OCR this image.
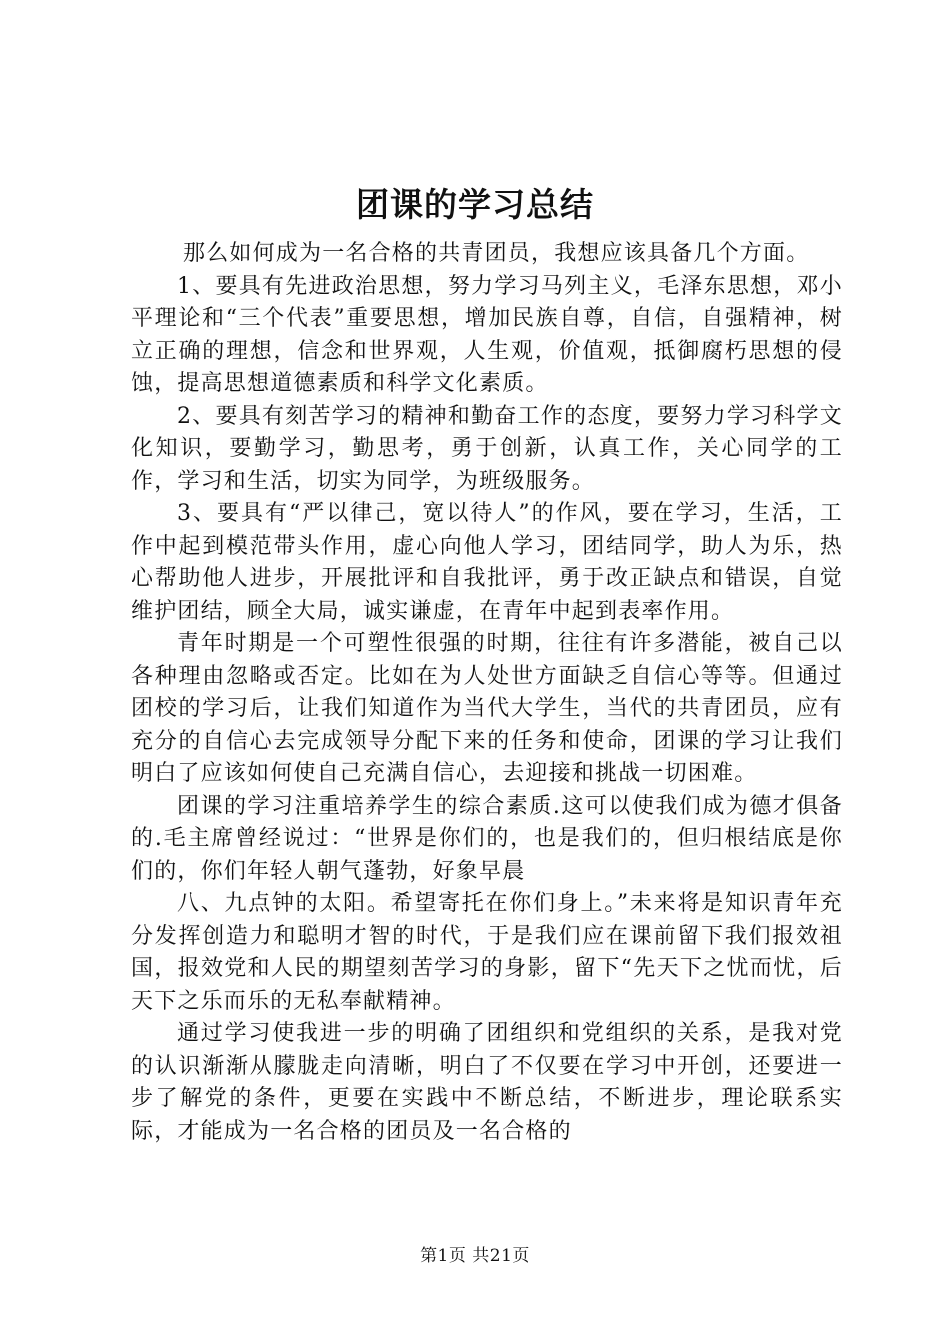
团课的学习总结

那么如何成为一名合格的共青团员，我想应该具备几个方面。

1、要具有先进政治思想，努力学习马列主义，毛泽东思想，邓小平理论和“三个代表”重要思想，增加民族自尊，自信，自强精神，树立正确的理想，信念和世界观，人生观，价值观，抵御腐朽思想的侵蚀，提高思想道德素质和科学文化素质。

2、要具有刻苦学习的精神和勤奋工作的态度，要努力学习科学文化知识，要勤学习，勤思考，勇于创新，认真工作，关心同学的工作，学习和生活，切实为同学，为班级服务。

3、要具有“严以律己，宽以待人”的作风，要在学习，生活，工作中起到模范带头作用，虚心向他人学习，团结同学，助人为乐，热心帮助他人进步，开展批评和自我批评，勇于改正缺点和错误，自觉维护团结，顾全大局，诚实谦虚，在青年中起到表率作用。

青年时期是一个可塑性很强的时期，往往有许多潜能，被自己以各种理由忽略或否定。比如在为人处世方面缺乏自信心等等。但通过团校的学习后，让我们知道作为当代大学生，当代的共青团员，应有充分的自信心去完成领导分配下来的任务和使命，团课的学习让我们明白了应该如何使自己充满自信心，去迎接和挑战一切困难。

团课的学习注重培养学生的综合素质.这可以使我们成为德才俱备的.毛主席曾经说过：“世界是你们的，也是我们的，但归根结底是你们的，你们年轻人朝气蓬勃，好象早晨

八、九点钟的太阳。希望寄托在你们身上。”未来将是知识青年充分发挥创造力和聪明才智的时代，于是我们应在课前留下我们报效祖国，报效党和人民的期望刻苦学习的身影，留下“先天下之忧而忧，后天下之乐而乐的无私奉献精神。

通过学习使我进一步的明确了团组织和党组织的关系，是我对党的认识渐渐从朦胧走向清晰，明白了不仅要在学习中开创，还要进一步了解党的条件，更要在实践中不断总结，不断进步，理论联系实际，才能成为一名合格的团员及一名合格的

第1页 共21页
